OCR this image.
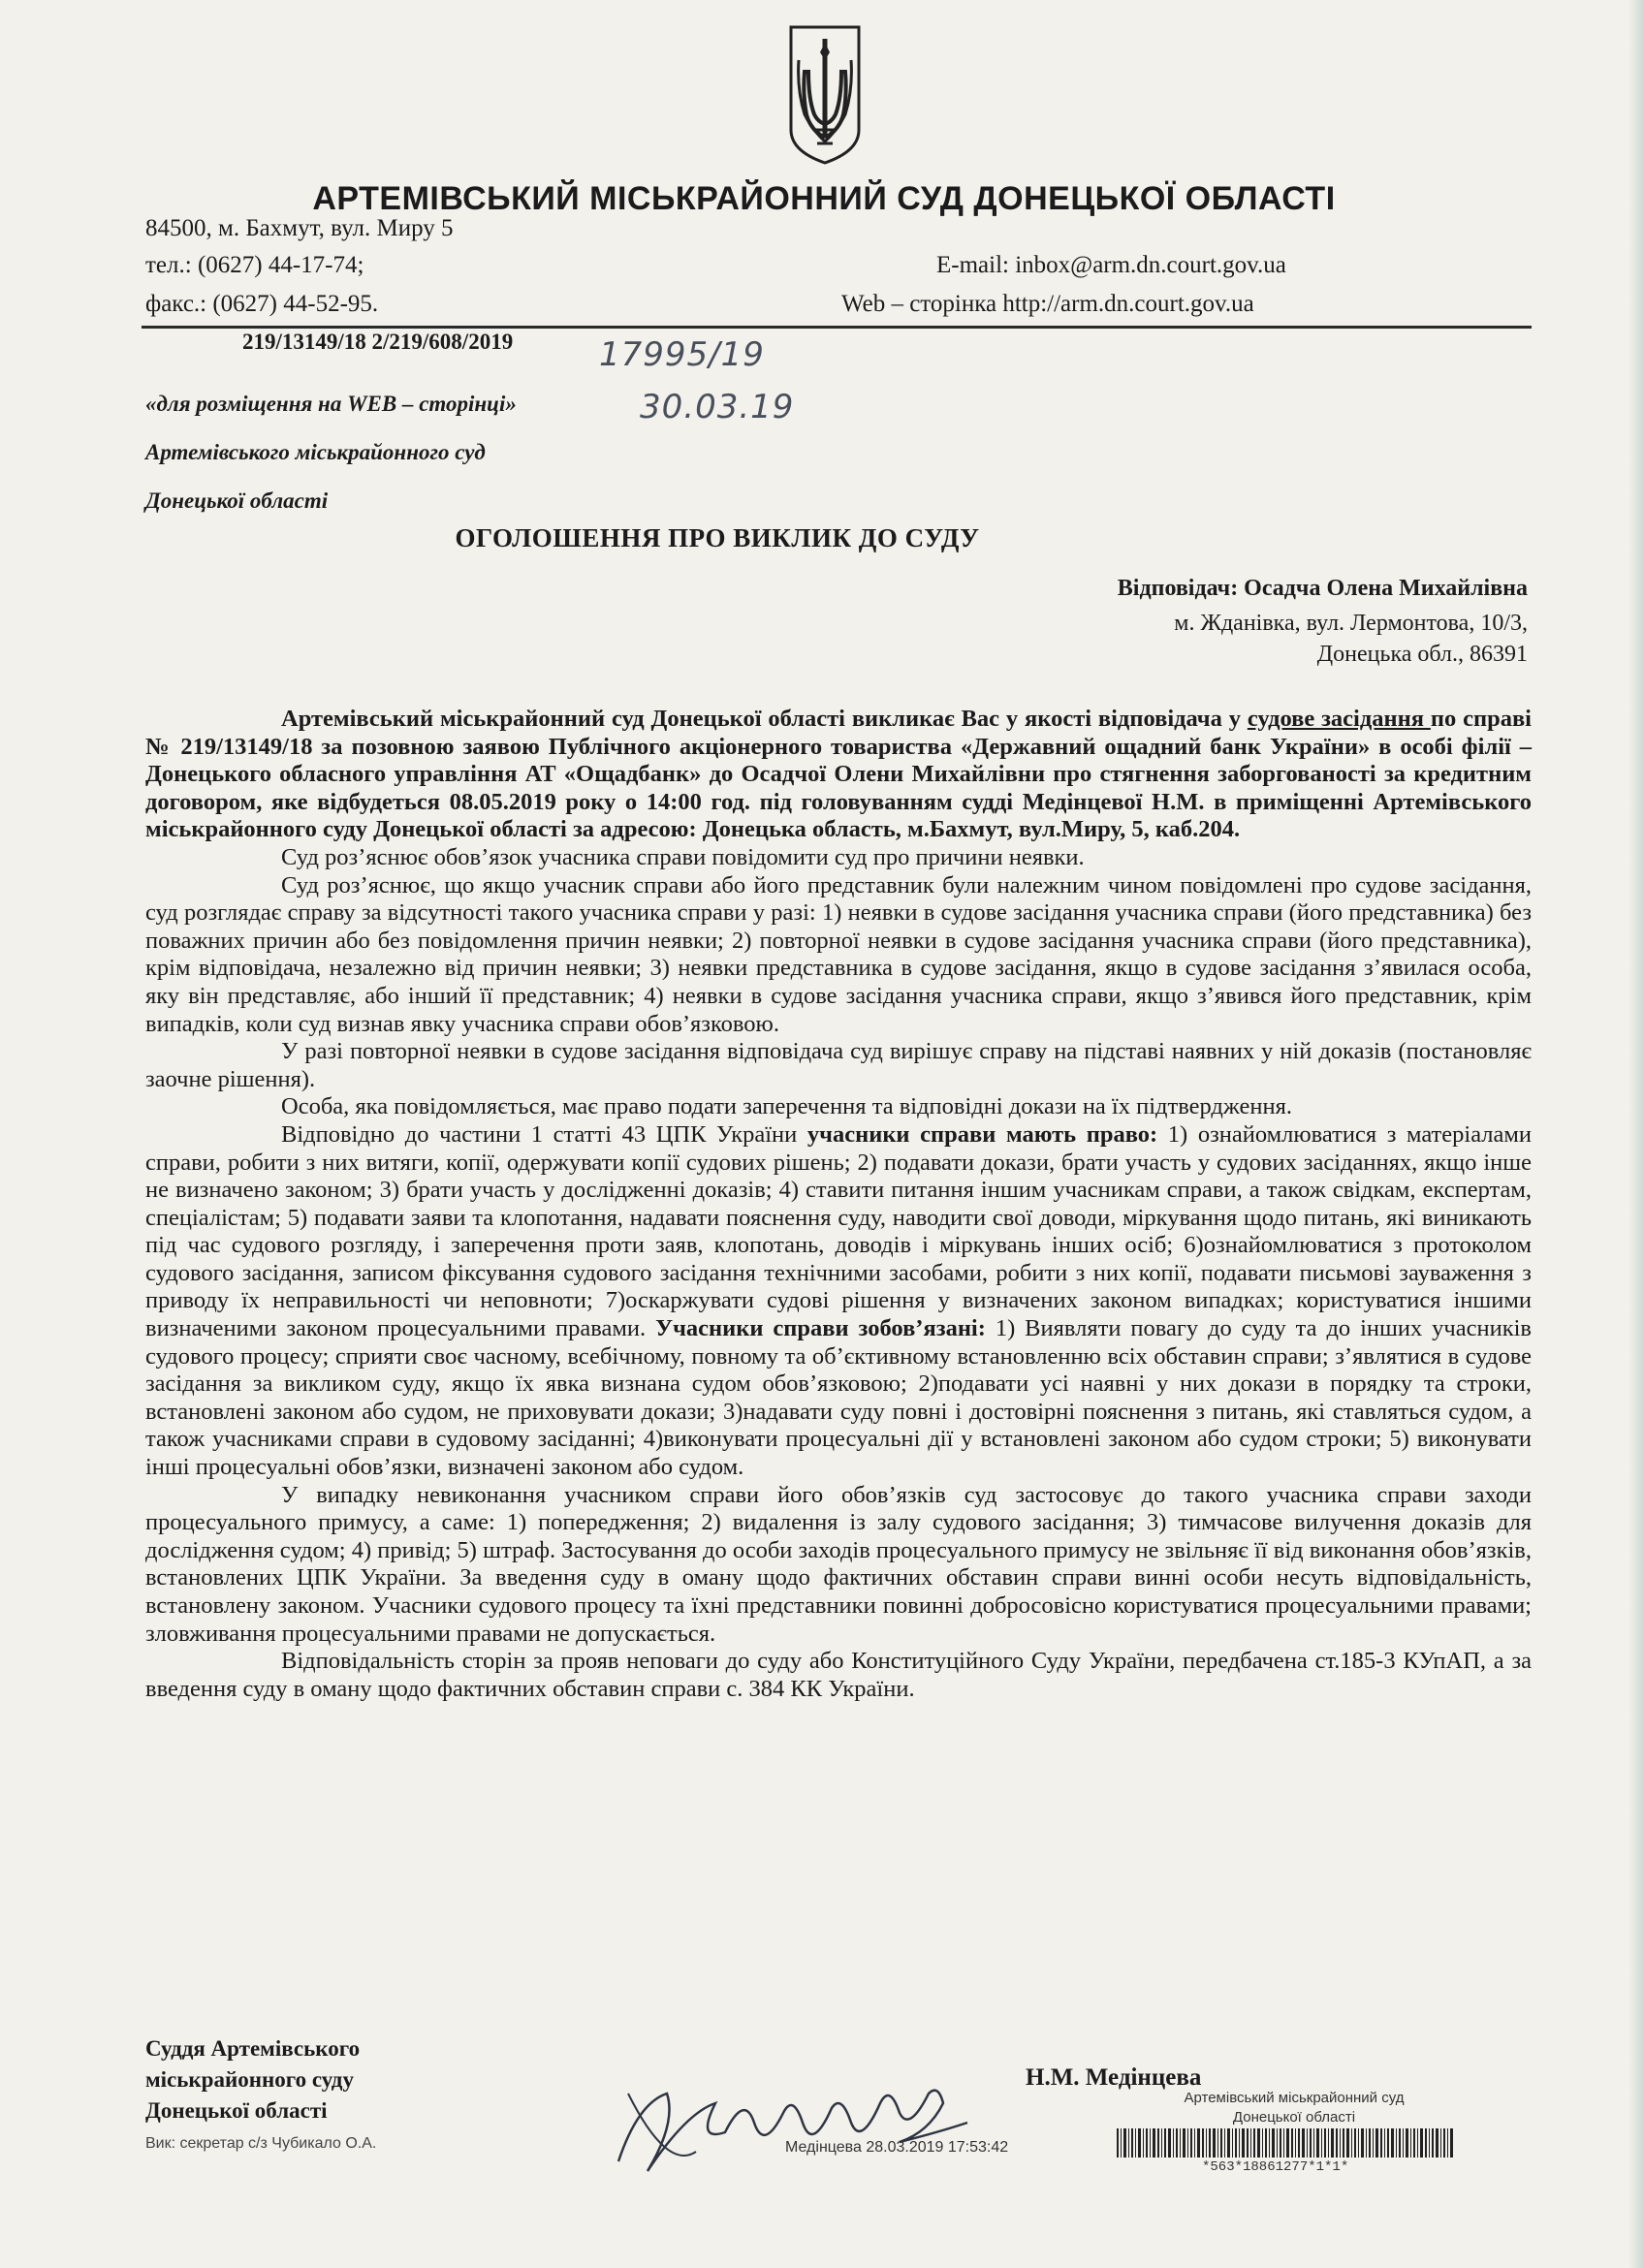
АРТЕМІВСЬКИЙ МІСЬКРАЙОННИЙ СУД ДОНЕЦЬКОЇ ОБЛАСТІ
84500, м. Бахмут, вул. Миру 5
тел.: (0627) 44-17-74;
факс.: (0627) 44-52-95.
E-mail: inbox@arm.dn.court.gov.ua
Web – сторінка http://arm.dn.court.gov.ua
219/13149/18 2/219/608/2019	17995/19
30.03.19
«для розміщення на WEB – сторінці»
Артемівського міськрайонного суд
Донецької області
ОГОЛОШЕННЯ ПРО ВИКЛИК ДО СУДУ
Відповідач: Осадча Олена Михайлівна
м. Жданівка, вул. Лермонтова, 10/3,
Донецька обл., 86391

Артемівський міськрайонний суд Донецької області викликає Вас у якості відповідача у судове засідання по справі № 219/13149/18 за позовною заявою Публічного акціонерного товариства «Державний ощадний банк України» в особі філії – Донецького обласного управління АТ «Ощадбанк» до Осадчої Олени Михайлівни про стягнення заборгованості за кредитним договором, яке відбудеться 08.05.2019 року о 14:00 год. під головуванням судді Медінцевої Н.М. в приміщенні Артемівського міськрайонного суду Донецької області за адресою: Донецька область, м.Бахмут, вул.Миру, 5, каб.204.

Суд роз’яснює обов’язок учасника справи повідомити суд про причини неявки.

Суд роз’яснює, що якщо учасник справи або його представник були належним чином повідомлені про судове засідання, суд розглядає справу за відсутності такого учасника справи у разі: 1) неявки в судове засідання учасника справи (його представника) без поважних причин або без повідомлення причин неявки; 2) повторної неявки в судове засідання учасника справи (його представника), крім відповідача, незалежно від причин неявки; 3) неявки представника в судове засідання, якщо в судове засідання з’явилася особа, яку він представляє, або інший її представник; 4) неявки в судове засідання учасника справи, якщо з’явився його представник, крім випадків, коли суд визнав явку учасника справи обов’язковою.

У разі повторної неявки в судове засідання відповідача суд вирішує справу на підставі наявних у ній доказів (постановляє заочне рішення).

Особа, яка повідомляється, має право подати заперечення та відповідні докази на їх підтвердження.

Відповідно до частини 1 статті 43 ЦПК України учасники справи мають право: 1) ознайомлюватися з матеріалами справи, робити з них витяги, копії, одержувати копії судових рішень; 2) подавати докази, брати участь у судових засіданнях, якщо інше не визначено законом; 3) брати участь у дослідженні доказів; 4) ставити питання іншим учасникам справи, а також свідкам, експертам, спеціалістам; 5) подавати заяви та клопотання, надавати пояснення суду, наводити свої доводи, міркування щодо питань, які виникають під час судового розгляду, і заперечення проти заяв, клопотань, доводів і міркувань інших осіб; 6)ознайомлюватися з протоколом судового засідання, записом фіксування судового засідання технічними засобами, робити з них копії, подавати письмові зауваження з приводу їх неправильності чи неповноти; 7)оскаржувати судові рішення у визначених законом випадках; користуватися іншими визначеними законом процесуальними правами. Учасники справи зобов’язані: 1) Виявляти повагу до суду та до інших учасників судового процесу; сприяти своє часному, всебічному, повному та об’єктивному встановленню всіх обставин справи; з’являтися в судове засідання за викликом суду, якщо їх явка визнана судом обов’язковою; 2)подавати усі наявні у них докази в порядку та строки, встановлені законом або судом, не приховувати докази; 3)надавати суду повні і достовірні пояснення з питань, які ставляться судом, а також учасниками справи в судовому засіданні; 4)виконувати процесуальні дії у встановлені законом або судом строки; 5) виконувати інші процесуальні обов’язки, визначені законом або судом.

У випадку невиконання учасником справи його обов’язків суд застосовує до такого учасника справи заходи процесуального примусу, а саме: 1) попередження; 2) видалення із залу судового засідання; 3) тимчасове вилучення доказів для дослідження судом; 4) привід; 5) штраф. Застосування до особи заходів процесуального примусу не звільняє її від виконання обов’язків, встановлених ЦПК України. За введення суду в оману щодо фактичних обставин справи винні особи несуть відповідальність, встановлену законом. Учасники судового процесу та їхні представники повинні добросовісно користуватися процесуальними правами; зловживання процесуальними правами не допускається.

Відповідальність сторін за прояв неповаги до суду або Конституційного Суду України, передбачена ст.185-3 КУпАП, а за введення суду в оману щодо фактичних обставин справи с. 384 КК України.

Суддя Артемівського
міськрайонного суду
Донецької області
Вик: секретар с/з Чубикало О.А.
Н.М. Медінцева
Артемівський міськрайонний суд
Донецької області
Медінцева 28.03.2019 17:53:42
*563*18861277*1*1*
